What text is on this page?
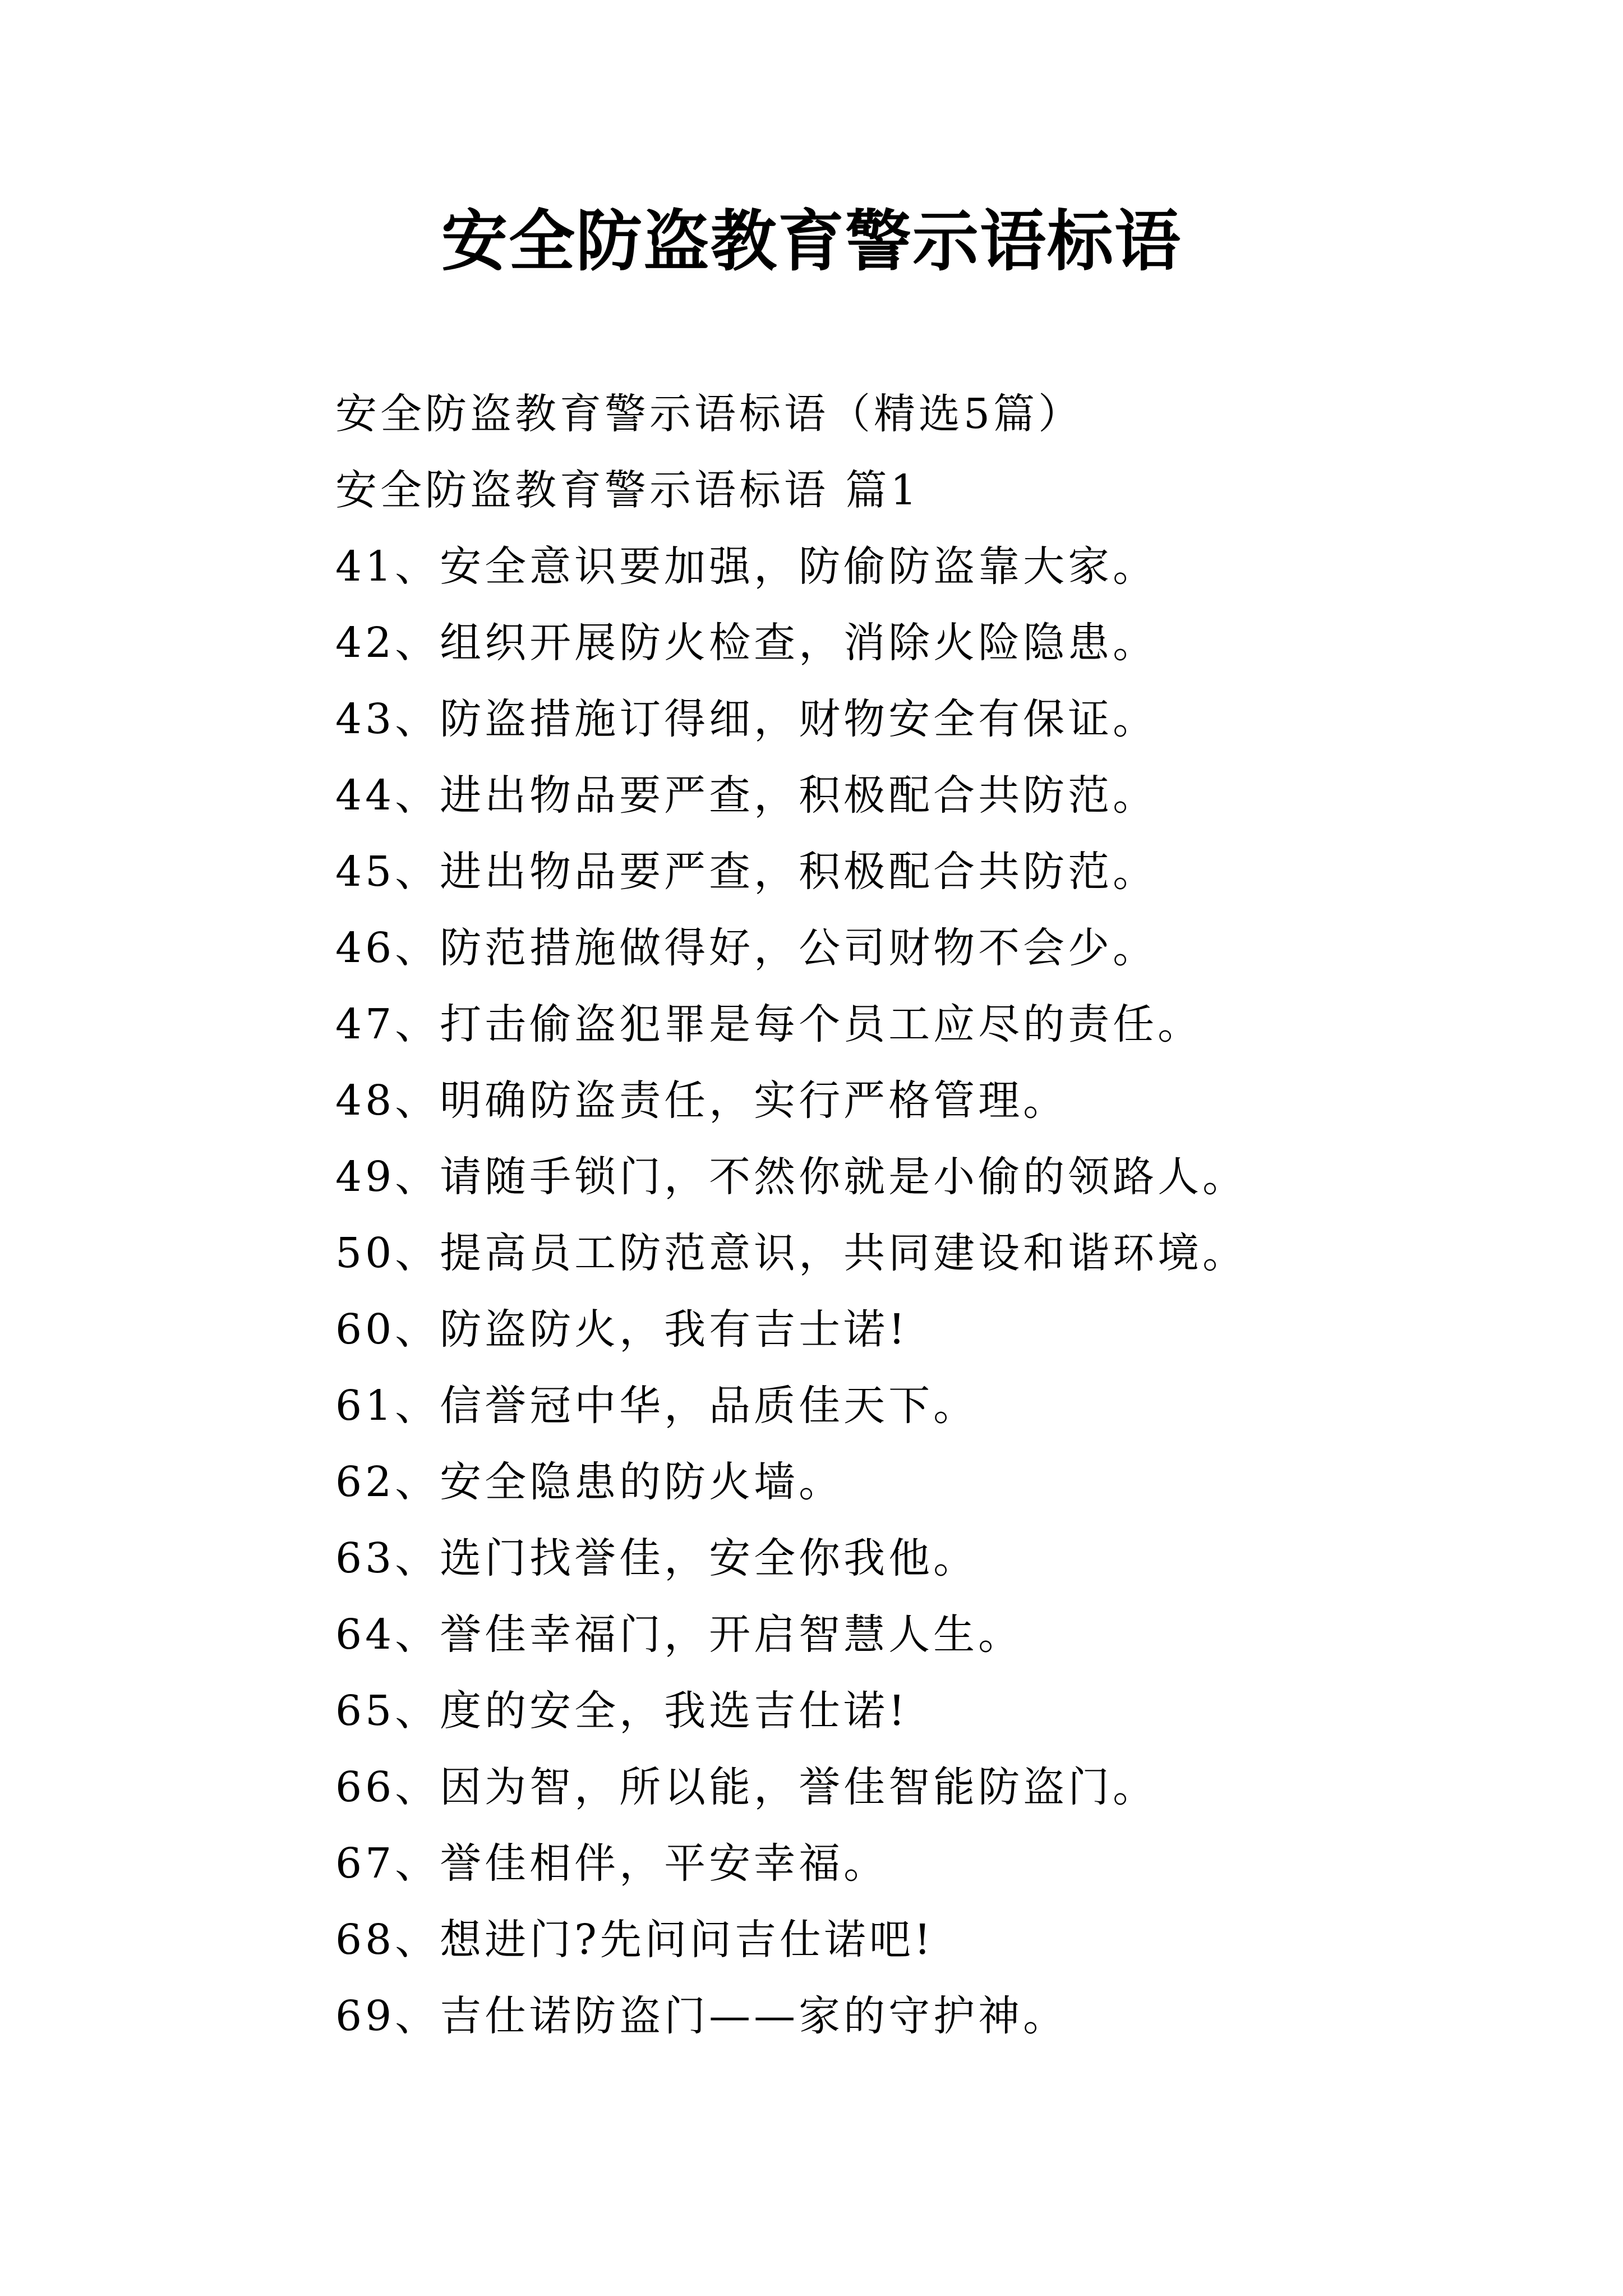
安全防盗教育警示语标语
安全防盗教育警示语标语（精选5篇）
安全防盗教育警示语标语 篇1
41、安全意识要加强，防偷防盗靠大家。
42、组织开展防火检查，消除火险隐患。
43、防盗措施订得细，财物安全有保证。
44、进出物品要严查，积极配合共防范。
45、进出物品要严查，积极配合共防范。
46、防范措施做得好，公司财物不会少。
47、打击偷盗犯罪是每个员工应尽的责任。
48、明确防盗责任，实行严格管理。
49、请随手锁门，不然你就是小偷的领路人。
50、提高员工防范意识，共同建设和谐环境。
60、防盗防火，我有吉士诺!
61、信誉冠中华，品质佳天下。
62、安全隐患的防火墙。
63、选门找誉佳，安全你我他。
64、誉佳幸福门，开启智慧人生。
65、度的安全，我选吉仕诺!
66、因为智，所以能，誉佳智能防盗门。
67、誉佳相伴，平安幸福。
68、想进门?先问问吉仕诺吧!
69、吉仕诺防盗门——家的守护神。
